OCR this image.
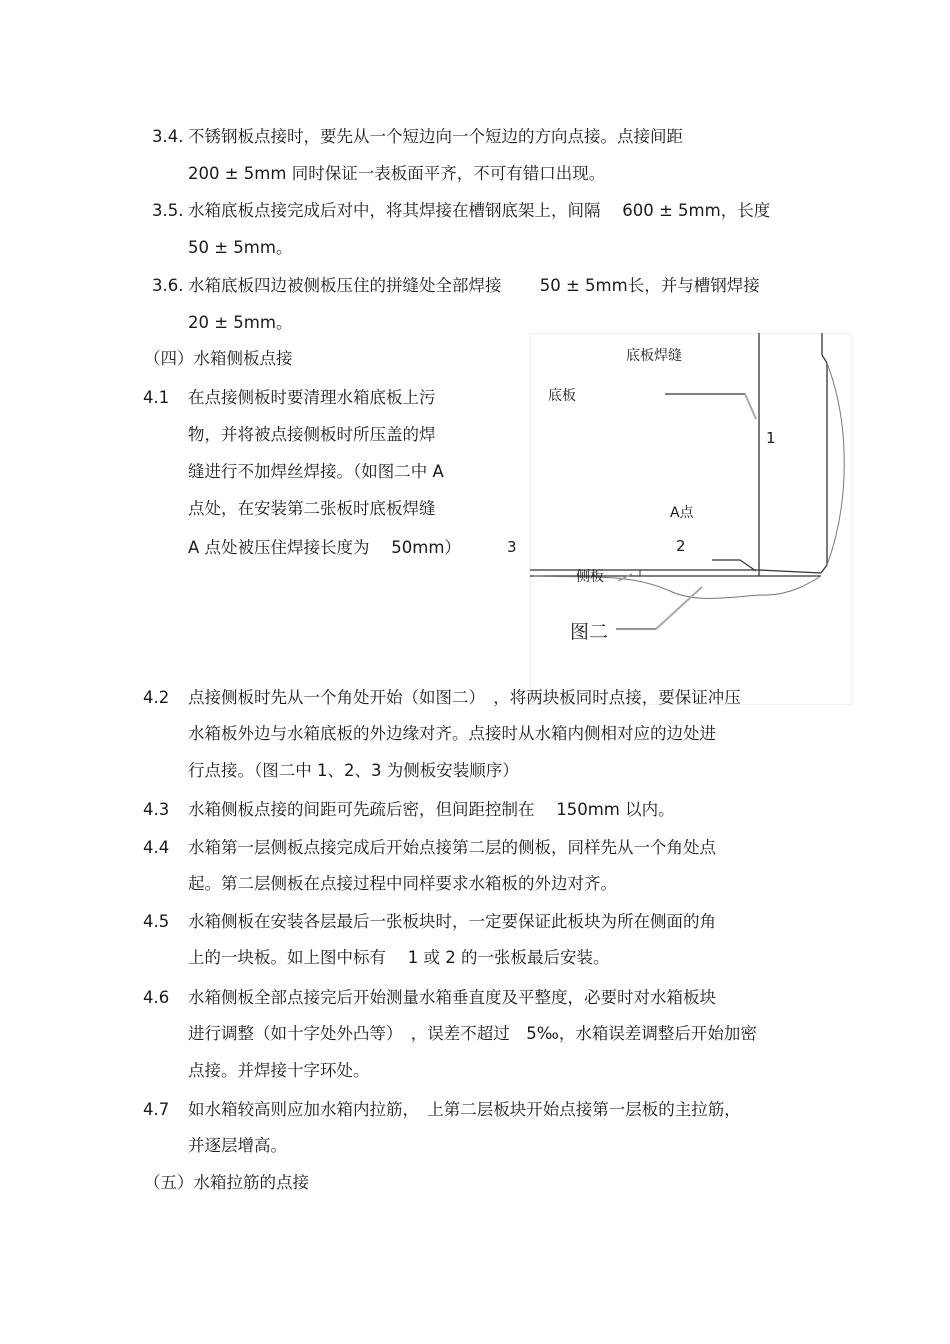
3.4. 不锈钢板点接时，要先从一个短边向一个短边的方向点接。点接间距
200 ± 5mm 同时保证一表板面平齐，不可有错口出现。
3.5. 水箱底板点接完成后对中，将其焊接在槽钢底架上，间隔　 600 ± 5mm，长度
50 ± 5mm。
3.6. 水箱底板四边被侧板压住的拼缝处全部焊接　　 50 ± 5mm长，并与槽钢焊接
20 ± 5mm。
（四）水箱侧板点接
4.1 在点接侧板时要清理水箱底板上污
物，并将被点接侧板时所压盖的焊
缝进行不加焊丝焊接。（如图二中 A
点处，在安装第二张板时底板焊缝
A 点处被压住焊接长度为　 50mm）
底板焊缝
底板
1
A点
2
3
侧板
图二
4.2 点接侧板时先从一个角处开始（如图二）　，将两块板同时点接，要保证冲压
水箱板外边与水箱底板的外边缘对齐。点接时从水箱内侧相对应的边处进
行点接。（图二中 1、2、3 为侧板安装顺序）
4.3 水箱侧板点接的间距可先疏后密，但间距控制在　 150mm 以内。
4.4 水箱第一层侧板点接完成后开始点接第二层的侧板，同样先从一个角处点
起。第二层侧板在点接过程中同样要求水箱板的外边对齐。
4.5 水箱侧板在安装各层最后一张板块时，一定要保证此板块为所在侧面的角
上的一块板。如上图中标有　 1 或 2 的一张板最后安装。
4.6 水箱侧板全部点接完后开始测量水箱垂直度及平整度，必要时对水箱板块
进行调整（如十字处外凸等）　，误差不超过　5‰，水箱误差调整后开始加密
点接。并焊接十字环处。
4.7 如水箱较高则应加水箱内拉筋，　上第二层板块开始点接第一层板的主拉筋，
并逐层增高。
（五）水箱拉筋的点接
